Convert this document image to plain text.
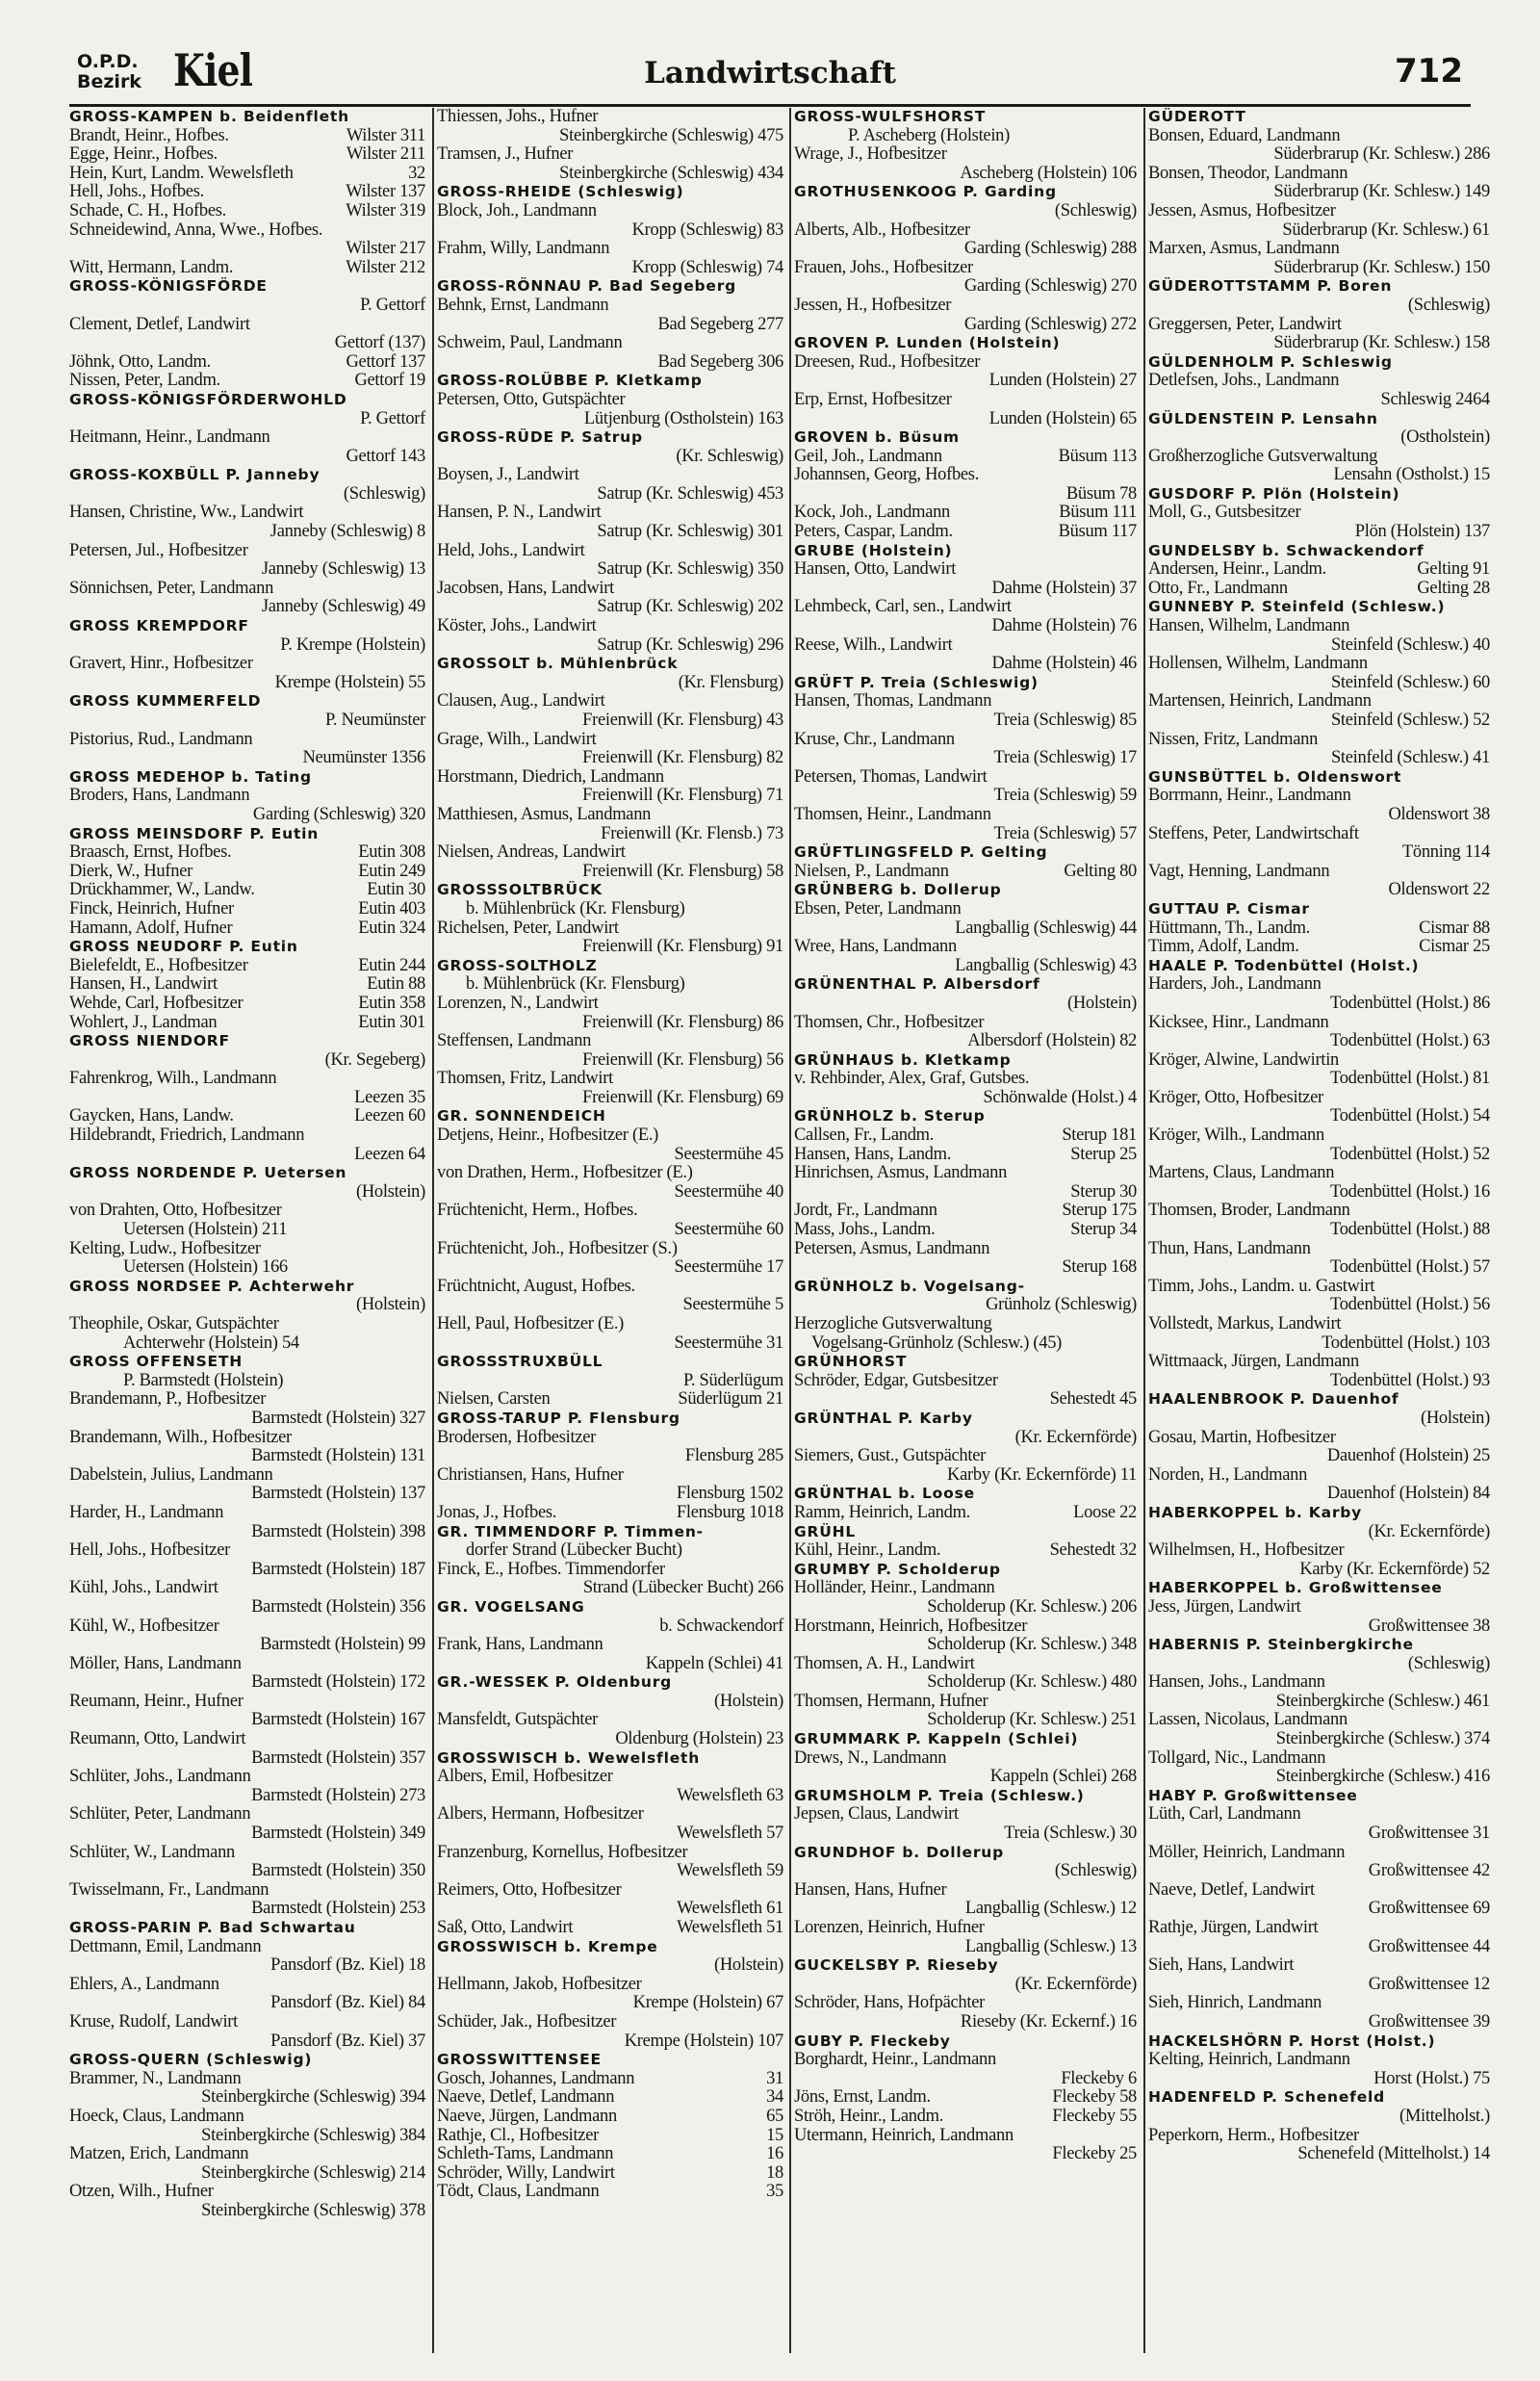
O.P.D.
Bezirk Kiel	Landwirtschaft	712
GROSS-KAMPEN b. Beidenfleth
Brandt, Heinr., Hofbes.	Wilster 311
Egge, Heinr., Hofbes.	Wilster 211
Hein, Kurt, Landm. Wewelsfleth	32
Hell, Johs., Hofbes.	Wilster 137
Schade, C. H., Hofbes.	Wilster 319
Schneidewind, Anna, Wwe., Hofbes.
Wilster 217
Witt, Hermann, Landm.	Wilster 212
GROSS-KÖNIGSFÖRDE
P. Gettorf
Clement, Detlef, Landwirt
Gettorf (137)
Jöhnk, Otto, Landm.	Gettorf 137
Nissen, Peter, Landm.	Gettorf 19
GROSS-KÖNIGSFÖRDERWOHLD
P. Gettorf
Heitmann, Heinr., Landmann
Gettorf 143
GROSS-KOXBÜLL P. Janneby
(Schleswig)
Hansen, Christine, Ww., Landwirt
Janneby (Schleswig) 8
Petersen, Jul., Hofbesitzer
Janneby (Schleswig) 13
Sönnichsen, Peter, Landmann
Janneby (Schleswig) 49
GROSS KREMPDORF
P. Krempe (Holstein)
Gravert, Hinr., Hofbesitzer
Krempe (Holstein) 55
GROSS KUMMERFELD
P. Neumünster
Pistorius, Rud., Landmann
Neumünster 1356
GROSS MEDEHOP b. Tating
Broders, Hans, Landmann
Garding (Schleswig) 320
GROSS MEINSDORF P. Eutin
Braasch, Ernst, Hofbes.	Eutin 308
Dierk, W., Hufner	Eutin 249
Drückhammer, W., Landw.	Eutin 30
Finck, Heinrich, Hufner	Eutin 403
Hamann, Adolf, Hufner	Eutin 324
GROSS NEUDORF P. Eutin
Bielefeldt, E., Hofbesitzer	Eutin 244
Hansen, H., Landwirt	Eutin 88
Wehde, Carl, Hofbesitzer	Eutin 358
Wohlert, J., Landman	Eutin 301
GROSS NIENDORF
(Kr. Segeberg)
Fahrenkrog, Wilh., Landmann
Leezen 35
Gaycken, Hans, Landw.	Leezen 60
Hildebrandt, Friedrich, Landmann
Leezen 64
GROSS NORDENDE P. Uetersen
(Holstein)
von Drahten, Otto, Hofbesitzer
Uetersen (Holstein) 211
Kelting, Ludw., Hofbesitzer
Uetersen (Holstein) 166
GROSS NORDSEE P. Achterwehr
(Holstein)
Theophile, Oskar, Gutspächter
Achterwehr (Holstein) 54
GROSS OFFENSETH
P. Barmstedt (Holstein)
Brandemann, P., Hofbesitzer
Barmstedt (Holstein) 327
Brandemann, Wilh., Hofbesitzer
Barmstedt (Holstein) 131
Dabelstein, Julius, Landmann
Barmstedt (Holstein) 137
Harder, H., Landmann
Barmstedt (Holstein) 398
Hell, Johs., Hofbesitzer
Barmstedt (Holstein) 187
Kühl, Johs., Landwirt
Barmstedt (Holstein) 356
Kühl, W., Hofbesitzer
Barmstedt (Holstein) 99
Möller, Hans, Landmann
Barmstedt (Holstein) 172
Reumann, Heinr., Hufner
Barmstedt (Holstein) 167
Reumann, Otto, Landwirt
Barmstedt (Holstein) 357
Schlüter, Johs., Landmann
Barmstedt (Holstein) 273
Schlüter, Peter, Landmann
Barmstedt (Holstein) 349
Schlüter, W., Landmann
Barmstedt (Holstein) 350
Twisselmann, Fr., Landmann
Barmstedt (Holstein) 253
GROSS-PARIN P. Bad Schwartau
Dettmann, Emil, Landmann
Pansdorf (Bz. Kiel) 18
Ehlers, A., Landmann
Pansdorf (Bz. Kiel) 84
Kruse, Rudolf, Landwirt
Pansdorf (Bz. Kiel) 37
GROSS-QUERN (Schleswig)
Brammer, N., Landmann
Steinbergkirche (Schleswig) 394
Hoeck, Claus, Landmann
Steinbergkirche (Schleswig) 384
Matzen, Erich, Landmann
Steinbergkirche (Schleswig) 214
Otzen, Wilh., Hufner
Steinbergkirche (Schleswig) 378
Thiessen, Johs., Hufner
Steinbergkirche (Schleswig) 475
Tramsen, J., Hufner
Steinbergkirche (Schleswig) 434
GROSS-RHEIDE (Schleswig)
Block, Joh., Landmann
Kropp (Schleswig) 83
Frahm, Willy, Landmann
Kropp (Schleswig) 74
GROSS-RÖNNAU P. Bad Segeberg
Behnk, Ernst, Landmann
Bad Segeberg 277
Schweim, Paul, Landmann
Bad Segeberg 306
GROSS-ROLÜBBE P. Kletkamp
Petersen, Otto, Gutspächter
Lütjenburg (Ostholstein) 163
GROSS-RÜDE P. Satrup
(Kr. Schleswig)
Boysen, J., Landwirt
Satrup (Kr. Schleswig) 453
Hansen, P. N., Landwirt
Satrup (Kr. Schleswig) 301
Held, Johs., Landwirt
Satrup (Kr. Schleswig) 350
Jacobsen, Hans, Landwirt
Satrup (Kr. Schleswig) 202
Köster, Johs., Landwirt
Satrup (Kr. Schleswig) 296
GROSSOLT b. Mühlenbrück
(Kr. Flensburg)
Clausen, Aug., Landwirt
Freienwill (Kr. Flensburg) 43
Grage, Wilh., Landwirt
Freienwill (Kr. Flensburg) 82
Horstmann, Diedrich, Landmann
Freienwill (Kr. Flensburg) 71
Matthiesen, Asmus, Landmann
Freienwill (Kr. Flensb.) 73
Nielsen, Andreas, Landwirt
Freienwill (Kr. Flensburg) 58
GROSSSOLTBRÜCK
b. Mühlenbrück (Kr. Flensburg)
Richelsen, Peter, Landwirt
Freienwill (Kr. Flensburg) 91
GROSS-SOLTHOLZ
b. Mühlenbrück (Kr. Flensburg)
Lorenzen, N., Landwirt
Freienwill (Kr. Flensburg) 86
Steffensen, Landmann
Freienwill (Kr. Flensburg) 56
Thomsen, Fritz, Landwirt
Freienwill (Kr. Flensburg) 69
GR. SONNENDEICH
Detjens, Heinr., Hofbesitzer (E.)
Seestermühe 45
von Drathen, Herm., Hofbesitzer (E.)
Seestermühe 40
Früchtenicht, Herm., Hofbes.
Seestermühe 60
Früchtenicht, Joh., Hofbesitzer (S.)
Seestermühe 17
Früchtnicht, August, Hofbes.
Seestermühe 5
Hell, Paul, Hofbesitzer (E.)
Seestermühe 31
GROSSSTRUXBÜLL
P. Süderlügum
Nielsen, Carsten	Süderlügum 21
GROSS-TARUP P. Flensburg
Brodersen, Hofbesitzer
Flensburg 285
Christiansen, Hans, Hufner
Flensburg 1502
Jonas, J., Hofbes.	Flensburg 1018
GR. TIMMENDORF P. Timmen-
dorfer Strand (Lübecker Bucht)
Finck, E., Hofbes. Timmendorfer
Strand (Lübecker Bucht) 266
GR. VOGELSANG
b. Schwackendorf
Frank, Hans, Landmann
Kappeln (Schlei) 41
GR.-WESSEK P. Oldenburg
(Holstein)
Mansfeldt, Gutspächter
Oldenburg (Holstein) 23
GROSSWISCH b. Wewelsfleth
Albers, Emil, Hofbesitzer
Wewelsfleth 63
Albers, Hermann, Hofbesitzer
Wewelsfleth 57
Franzenburg, Kornellus, Hofbesitzer
Wewelsfleth 59
Reimers, Otto, Hofbesitzer
Wewelsfleth 61
Saß, Otto, Landwirt	Wewelsfleth 51
GROSSWISCH b. Krempe
(Holstein)
Hellmann, Jakob, Hofbesitzer
Krempe (Holstein) 67
Schüder, Jak., Hofbesitzer
Krempe (Holstein) 107
GROSSWITTENSEE
Gosch, Johannes, Landmann	31
Naeve, Detlef, Landmann	34
Naeve, Jürgen, Landmann	65
Rathje, Cl., Hofbesitzer	15
Schleth-Tams, Landmann	16
Schröder, Willy, Landwirt	18
Tödt, Claus, Landmann	35
GROSS-WULFSHORST
P. Ascheberg (Holstein)
Wrage, J., Hofbesitzer
Ascheberg (Holstein) 106
GROTHUSENKOOG P. Garding
(Schleswig)
Alberts, Alb., Hofbesitzer
Garding (Schleswig) 288
Frauen, Johs., Hofbesitzer
Garding (Schleswig) 270
Jessen, H., Hofbesitzer
Garding (Schleswig) 272
GROVEN P. Lunden (Holstein)
Dreesen, Rud., Hofbesitzer
Lunden (Holstein) 27
Erp, Ernst, Hofbesitzer
Lunden (Holstein) 65
GROVEN b. Büsum
Geil, Joh., Landmann	Büsum 113
Johannsen, Georg, Hofbes.
Büsum 78
Kock, Joh., Landmann	Büsum 111
Peters, Caspar, Landm.	Büsum 117
GRUBE (Holstein)
Hansen, Otto, Landwirt
Dahme (Holstein) 37
Lehmbeck, Carl, sen., Landwirt
Dahme (Holstein) 76
Reese, Wilh., Landwirt
Dahme (Holstein) 46
GRÜFT P. Treia (Schleswig)
Hansen, Thomas, Landmann
Treia (Schleswig) 85
Kruse, Chr., Landmann
Treia (Schleswig) 17
Petersen, Thomas, Landwirt
Treia (Schleswig) 59
Thomsen, Heinr., Landmann
Treia (Schleswig) 57
GRÜFTLINGSFELD P. Gelting
Nielsen, P., Landmann	Gelting 80
GRÜNBERG b. Dollerup
Ebsen, Peter, Landmann
Langballig (Schleswig) 44
Wree, Hans, Landmann
Langballig (Schleswig) 43
GRÜNENTHAL P. Albersdorf
(Holstein)
Thomsen, Chr., Hofbesitzer
Albersdorf (Holstein) 82
GRÜNHAUS b. Kletkamp
v. Rehbinder, Alex, Graf, Gutsbes.
Schönwalde (Holst.) 4
GRÜNHOLZ b. Sterup
Callsen, Fr., Landm.	Sterup 181
Hansen, Hans, Landm.	Sterup 25
Hinrichsen, Asmus, Landmann
Sterup 30
Jordt, Fr., Landmann	Sterup 175
Mass, Johs., Landm.	Sterup 34
Petersen, Asmus, Landmann
Sterup 168
GRÜNHOLZ b. Vogelsang-
Grünholz (Schleswig)
Herzogliche Gutsverwaltung
Vogelsang-Grünholz (Schlesw.) (45)
GRÜNHORST
Schröder, Edgar, Gutsbesitzer
Sehestedt 45
GRÜNTHAL P. Karby
(Kr. Eckernförde)
Siemers, Gust., Gutspächter
Karby (Kr. Eckernförde) 11
GRÜNTHAL b. Loose
Ramm, Heinrich, Landm.	Loose 22
GRÜHL
Kühl, Heinr., Landm.	Sehestedt 32
GRUMBY P. Scholderup
Holländer, Heinr., Landmann
Scholderup (Kr. Schlesw.) 206
Horstmann, Heinrich, Hofbesitzer
Scholderup (Kr. Schlesw.) 348
Thomsen, A. H., Landwirt
Scholderup (Kr. Schlesw.) 480
Thomsen, Hermann, Hufner
Scholderup (Kr. Schlesw.) 251
GRUMMARK P. Kappeln (Schlei)
Drews, N., Landmann
Kappeln (Schlei) 268
GRUMSHOLM P. Treia (Schlesw.)
Jepsen, Claus, Landwirt
Treia (Schlesw.) 30
GRUNDHOF b. Dollerup
(Schleswig)
Hansen, Hans, Hufner
Langballig (Schlesw.) 12
Lorenzen, Heinrich, Hufner
Langballig (Schlesw.) 13
GUCKELSBY P. Rieseby
(Kr. Eckernförde)
Schröder, Hans, Hofpächter
Rieseby (Kr. Eckernf.) 16
GUBY P. Fleckeby
Borghardt, Heinr., Landmann
Fleckeby 6
Jöns, Ernst, Landm.	Fleckeby 58
Ströh, Heinr., Landm.	Fleckeby 55
Utermann, Heinrich, Landmann
Fleckeby 25
GÜDEROTT
Bonsen, Eduard, Landmann
Süderbrarup (Kr. Schlesw.) 286
Bonsen, Theodor, Landmann
Süderbrarup (Kr. Schlesw.) 149
Jessen, Asmus, Hofbesitzer
Süderbrarup (Kr. Schlesw.) 61
Marxen, Asmus, Landmann
Süderbrarup (Kr. Schlesw.) 150
GÜDEROTTSTAMM P. Boren
(Schleswig)
Greggersen, Peter, Landwirt
Süderbrarup (Kr. Schlesw.) 158
GÜLDENHOLM P. Schleswig
Detlefsen, Johs., Landmann
Schleswig 2464
GÜLDENSTEIN P. Lensahn
(Ostholstein)
Großherzogliche Gutsverwaltung
Lensahn (Ostholst.) 15
GUSDORF P. Plön (Holstein)
Moll, G., Gutsbesitzer
Plön (Holstein) 137
GUNDELSBY b. Schwackendorf
Andersen, Heinr., Landm.	Gelting 91
Otto, Fr., Landmann	Gelting 28
GUNNEBY P. Steinfeld (Schlesw.)
Hansen, Wilhelm, Landmann
Steinfeld (Schlesw.) 40
Hollensen, Wilhelm, Landmann
Steinfeld (Schlesw.) 60
Martensen, Heinrich, Landmann
Steinfeld (Schlesw.) 52
Nissen, Fritz, Landmann
Steinfeld (Schlesw.) 41
GUNSBÜTTEL b. Oldenswort
Borrmann, Heinr., Landmann
Oldenswort 38
Steffens, Peter, Landwirtschaft
Tönning 114
Vagt, Henning, Landmann
Oldenswort 22
GUTTAU P. Cismar
Hüttmann, Th., Landm.	Cismar 88
Timm, Adolf, Landm.	Cismar 25
HAALE P. Todenbüttel (Holst.)
Harders, Joh., Landmann
Todenbüttel (Holst.) 86
Kicksee, Hinr., Landmann
Todenbüttel (Holst.) 63
Kröger, Alwine, Landwirtin
Todenbüttel (Holst.) 81
Kröger, Otto, Hofbesitzer
Todenbüttel (Holst.) 54
Kröger, Wilh., Landmann
Todenbüttel (Holst.) 52
Martens, Claus, Landmann
Todenbüttel (Holst.) 16
Thomsen, Broder, Landmann
Todenbüttel (Holst.) 88
Thun, Hans, Landmann
Todenbüttel (Holst.) 57
Timm, Johs., Landm. u. Gastwirt
Todenbüttel (Holst.) 56
Vollstedt, Markus, Landwirt
Todenbüttel (Holst.) 103
Wittmaack, Jürgen, Landmann
Todenbüttel (Holst.) 93
HAALENBROOK P. Dauenhof
(Holstein)
Gosau, Martin, Hofbesitzer
Dauenhof (Holstein) 25
Norden, H., Landmann
Dauenhof (Holstein) 84
HABERKOPPEL b. Karby
(Kr. Eckernförde)
Wilhelmsen, H., Hofbesitzer
Karby (Kr. Eckernförde) 52
HABERKOPPEL b. Großwittensee
Jess, Jürgen, Landwirt
Großwittensee 38
HABERNIS P. Steinbergkirche
(Schleswig)
Hansen, Johs., Landmann
Steinbergkirche (Schlesw.) 461
Lassen, Nicolaus, Landmann
Steinbergkirche (Schlesw.) 374
Tollgard, Nic., Landmann
Steinbergkirche (Schlesw.) 416
HABY P. Großwittensee
Lüth, Carl, Landmann
Großwittensee 31
Möller, Heinrich, Landmann
Großwittensee 42
Naeve, Detlef, Landwirt
Großwittensee 69
Rathje, Jürgen, Landwirt
Großwittensee 44
Sieh, Hans, Landwirt
Großwittensee 12
Sieh, Hinrich, Landmann
Großwittensee 39
HACKELSHÖRN P. Horst (Holst.)
Kelting, Heinrich, Landmann
Horst (Holst.) 75
HADENFELD P. Schenefeld
(Mittelholst.)
Peperkorn, Herm., Hofbesitzer
Schenefeld (Mittelholst.) 14
